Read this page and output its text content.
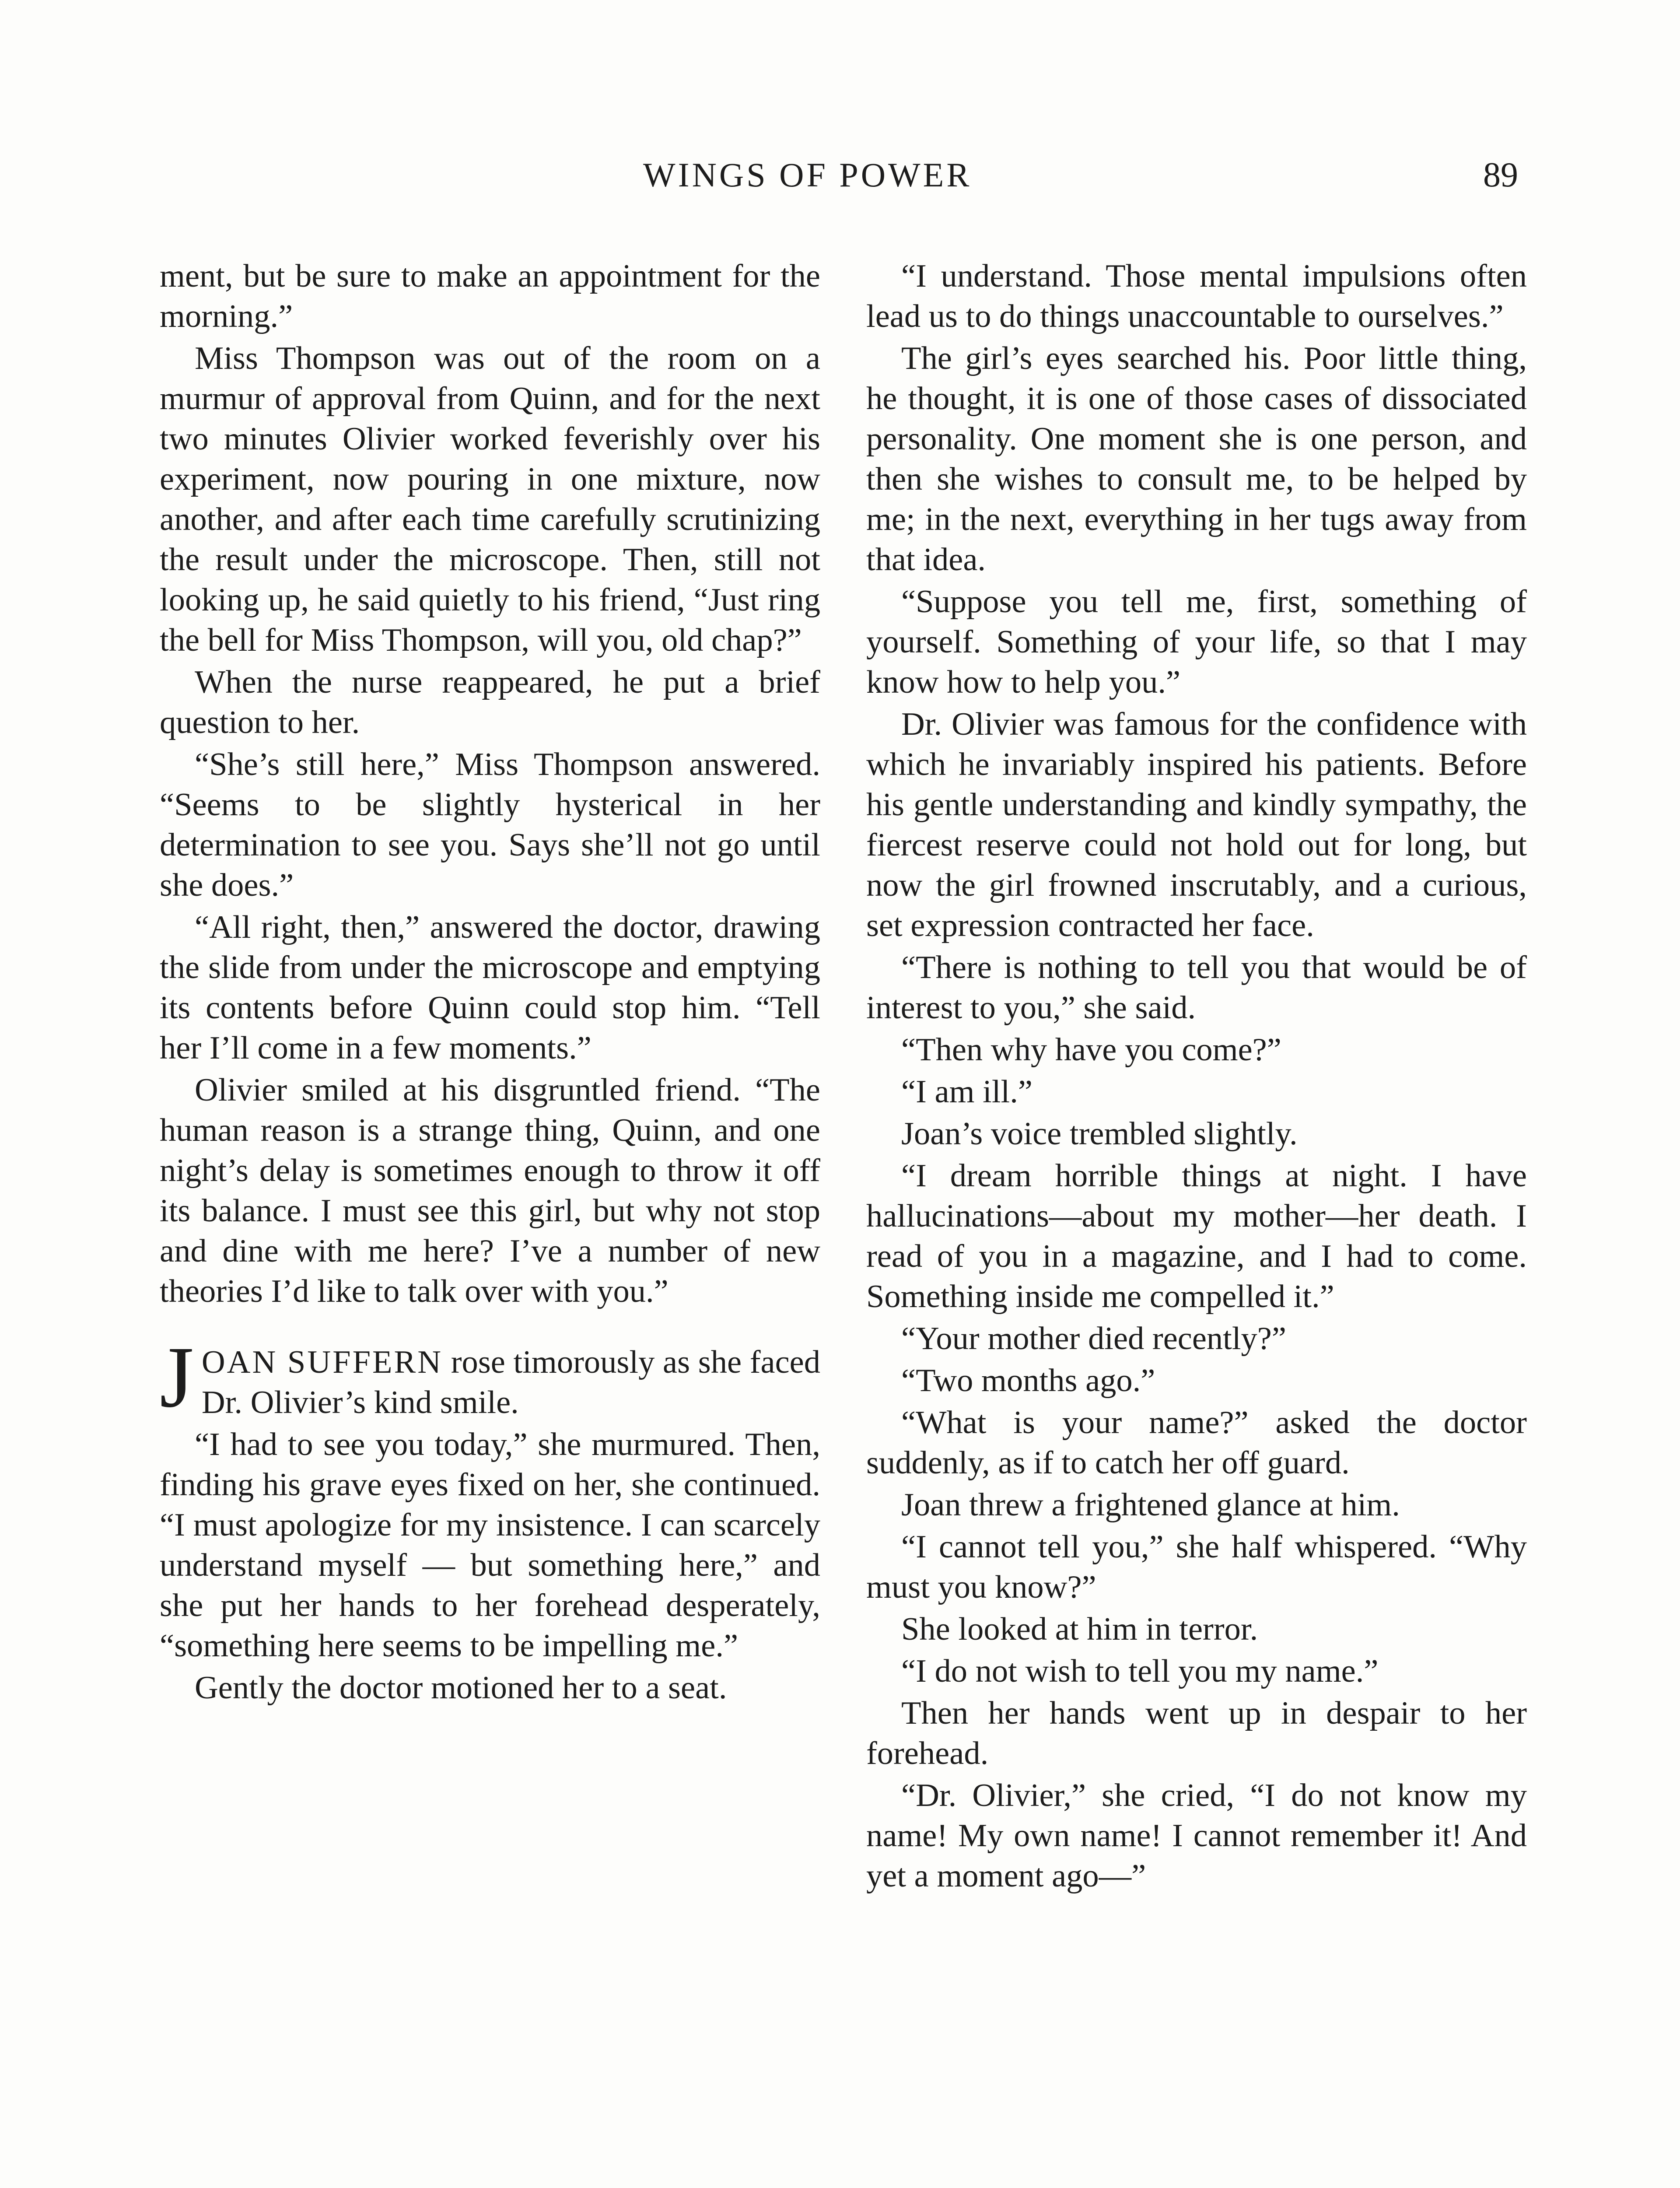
WINGS OF POWER	89

ment, but be sure to make an appointment for the morning.”

Miss Thompson was out of the room on a murmur of approval from Quinn, and for the next two minutes Olivier worked feverishly over his experiment, now pouring in one mixture, now another, and after each time carefully scrutinizing the result under the microscope. Then, still not looking up, he said quietly to his friend, “Just ring the bell for Miss Thompson, will you, old chap?”

When the nurse reappeared, he put a brief question to her.

“She’s still here,” Miss Thompson answered. “Seems to be slightly hysterical in her determination to see you. Says she’ll not go until she does.”

“All right, then,” answered the doctor, drawing the slide from under the microscope and emptying its contents before Quinn could stop him. “Tell her I’ll come in a few moments.”

Olivier smiled at his disgruntled friend. “The human reason is a strange thing, Quinn, and one night’s delay is sometimes enough to throw it off its balance. I must see this girl, but why not stop and dine with me here? I’ve a number of new theories I’d like to talk over with you.”

JOAN SUFFERN rose timorously as she faced Dr. Olivier’s kind smile.

“I had to see you today,” she murmured. Then, finding his grave eyes fixed on her, she continued. “I must apologize for my insistence. I can scarcely understand myself — but something here,” and she put her hands to her forehead desperately, “something here seems to be impelling me.”

Gently the doctor motioned her to a seat.

“I understand. Those mental impulsions often lead us to do things unaccountable to ourselves.”

The girl’s eyes searched his. Poor little thing, he thought, it is one of those cases of dissociated personality. One moment she is one person, and then she wishes to consult me, to be helped by me; in the next, everything in her tugs away from that idea.

“Suppose you tell me, first, something of yourself. Something of your life, so that I may know how to help you.”

Dr. Olivier was famous for the confidence with which he invariably inspired his patients. Before his gentle understanding and kindly sympathy, the fiercest reserve could not hold out for long, but now the girl frowned inscrutably, and a curious, set expression contracted her face.

“There is nothing to tell you that would be of interest to you,” she said.

“Then why have you come?”

“I am ill.”

Joan’s voice trembled slightly.

“I dream horrible things at night. I have hallucinations—about my mother—her death. I read of you in a magazine, and I had to come. Something inside me compelled it.”

“Your mother died recently?”

“Two months ago.”

“What is your name?” asked the doctor suddenly, as if to catch her off guard.

Joan threw a frightened glance at him.

“I cannot tell you,” she half whispered. “Why must you know?”

She looked at him in terror.

“I do not wish to tell you my name.”

Then her hands went up in despair to her forehead.

“Dr. Olivier,” she cried, “I do not know my name! My own name! I cannot remember it! And yet a moment ago—”
